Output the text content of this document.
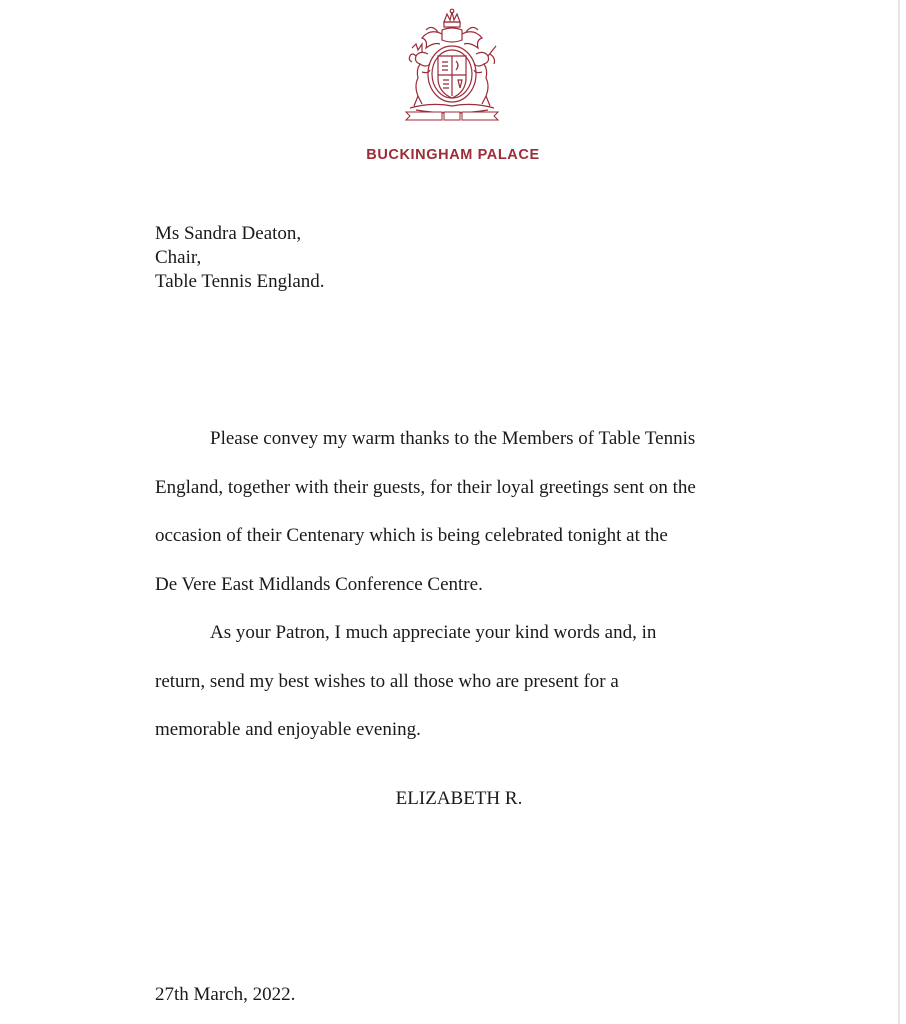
BUCKINGHAM PALACE
Ms Sandra Deaton,
Chair,
Table Tennis England.
Please convey my warm thanks to the Members of Table Tennis
England, together with their guests, for their loyal greetings sent on the
occasion of their Centenary which is being celebrated tonight at the
De Vere East Midlands Conference Centre.
As your Patron, I much appreciate your kind words and, in
return, send my best wishes to all those who are present for a
memorable and enjoyable evening.
ELIZABETH R.
27th March, 2022.
